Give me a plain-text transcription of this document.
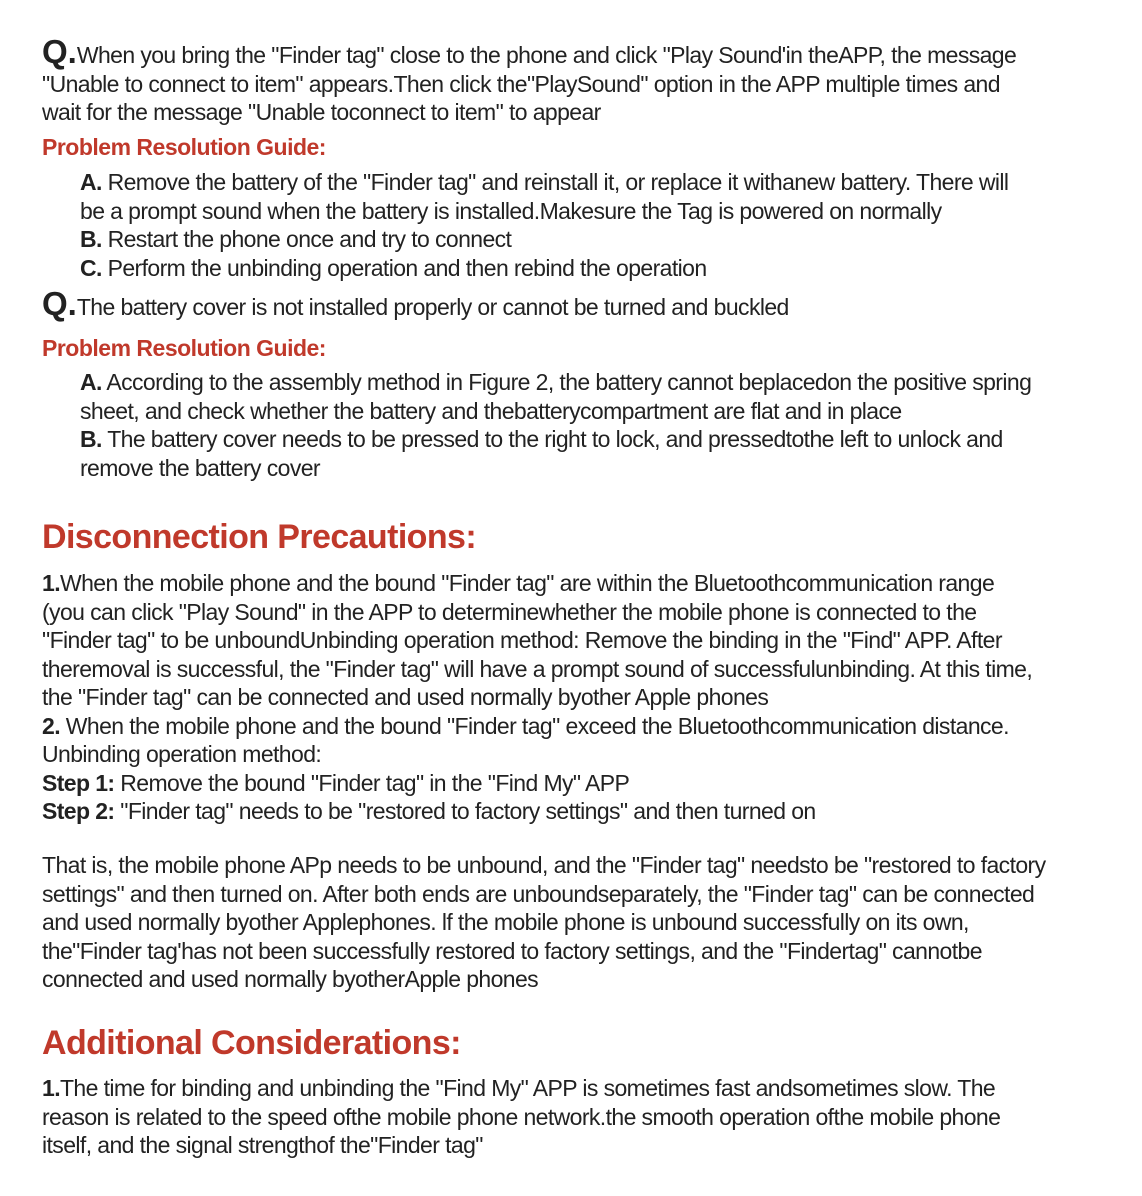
Q.When you bring the "Finder tag" close to the phone and click "Play Sound'in theAPP, the message
"Unable to connect to item" appears.Then click the"PlaySound" option in the APP multiple times and
wait for the message "Unable toconnect to item" to appear
Problem Resolution Guide:
A. Remove the battery of the "Finder tag" and reinstall it, or replace it withanew battery. There will
be a prompt sound when the battery is installed.Makesure the Tag is powered on normally
B. Restart the phone once and try to connect
C. Perform the unbinding operation and then rebind the operation
Q.The battery cover is not installed properly or cannot be turned and buckled
Problem Resolution Guide:
A. According to the assembly method in Figure 2, the battery cannot beplacedon the positive spring
sheet, and check whether the battery and thebatterycompartment are flat and in place
B. The battery cover needs to be pressed to the right to lock, and pressedtothe left to unlock and
remove the battery cover
Disconnection Precautions:
1.When the mobile phone and the bound "Finder tag" are within the Bluetoothcommunication range
(you can click "Play Sound" in the APP to determinewhether the mobile phone is connected to the
"Finder tag" to be unboundUnbinding operation method: Remove the binding in the "Find" APP. After
theremoval is successful, the "Finder tag" will have a prompt sound of successfulunbinding. At this time,
the "Finder tag" can be connected and used normally byother Apple phones
2. When the mobile phone and the bound "Finder tag" exceed the Bluetoothcommunication distance.
Unbinding operation method:
Step 1: Remove the bound "Finder tag" in the "Find My" APP
Step 2: "Finder tag" needs to be "restored to factory settings" and then turned on
That is, the mobile phone APp needs to be unbound, and the "Finder tag" needsto be "restored to factory
settings" and then turned on. After both ends are unboundseparately, the "Finder tag" can be connected
and used normally byother Applephones. lf the mobile phone is unbound successfully on its own,
the"Finder tag'has not been successfully restored to factory settings, and the "Findertag" cannotbe
connected and used normally byotherApple phones
Additional Considerations:
1.The time for binding and unbinding the "Find My" APP is sometimes fast andsometimes slow. The
reason is related to the speed ofthe mobile phone network.the smooth operation ofthe mobile phone
itself, and the signal strengthof the"Finder tag"
